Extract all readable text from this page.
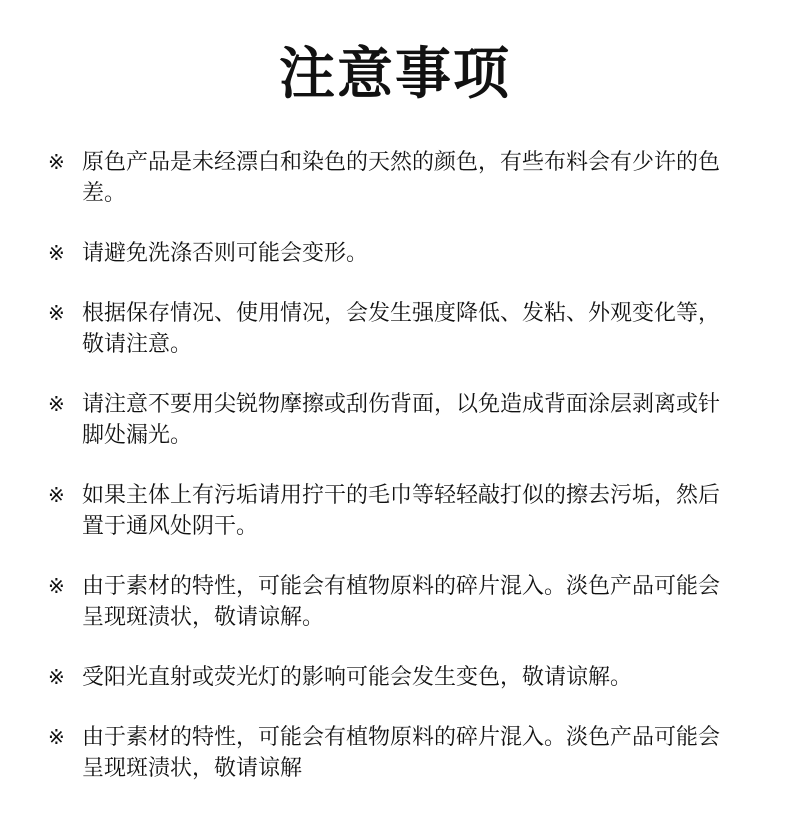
注意事项
※ 原色产品是未经漂白和染色的天然的颜色，有些布料会有少许的色差。
※ 请避免洗涤否则可能会变形。
※ 根据保存情况、使用情况，会发生强度降低、发粘、外观变化等，敬请注意。
※ 请注意不要用尖锐物摩擦或刮伤背面，以免造成背面涂层剥离或针脚处漏光。
※ 如果主体上有污垢请用拧干的毛巾等轻轻敲打似的擦去污垢，然后置于通风处阴干。
※ 由于素材的特性，可能会有植物原料的碎片混入。淡色产品可能会呈现斑渍状，敬请谅解。
※ 受阳光直射或荧光灯的影响可能会发生变色，敬请谅解。
※ 由于素材的特性，可能会有植物原料的碎片混入。淡色产品可能会呈现斑渍状，敬请谅解
